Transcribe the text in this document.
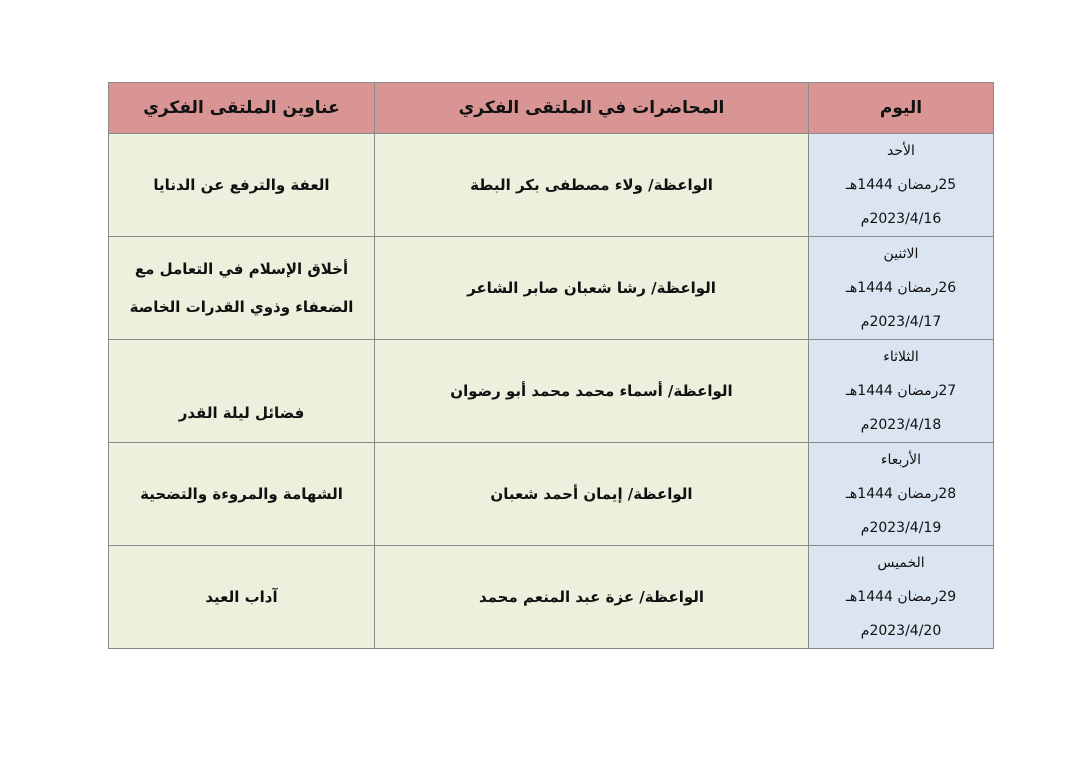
اليوم	المحاضرات في الملتقى الفكري	عناوين الملتقى الفكري

الأحد
25رمضان 1444هـ
2023/4/16م	الواعظة/ ولاء مصطفى بكر البطة	العفة والترفع عن الدنايا

الاثنين
26رمضان 1444هـ
2023/4/17م	الواعظة/ رشا شعبان صابر الشاعر	أخلاق الإسلام في التعامل مع
الضعفاء وذوي القدرات الخاصة

الثلاثاء
27رمضان 1444هـ
2023/4/18م	الواعظة/ أسماء محمد محمد أبو رضوان	فضائل ليلة القدر

الأربعاء
28رمضان 1444هـ
2023/4/19م	الواعظة/ إيمان أحمد شعبان	الشهامة والمروءة والتضحية

الخميس
29رمضان 1444هـ
2023/4/20م	الواعظة/ عزة عبد المنعم محمد	آداب العيد
